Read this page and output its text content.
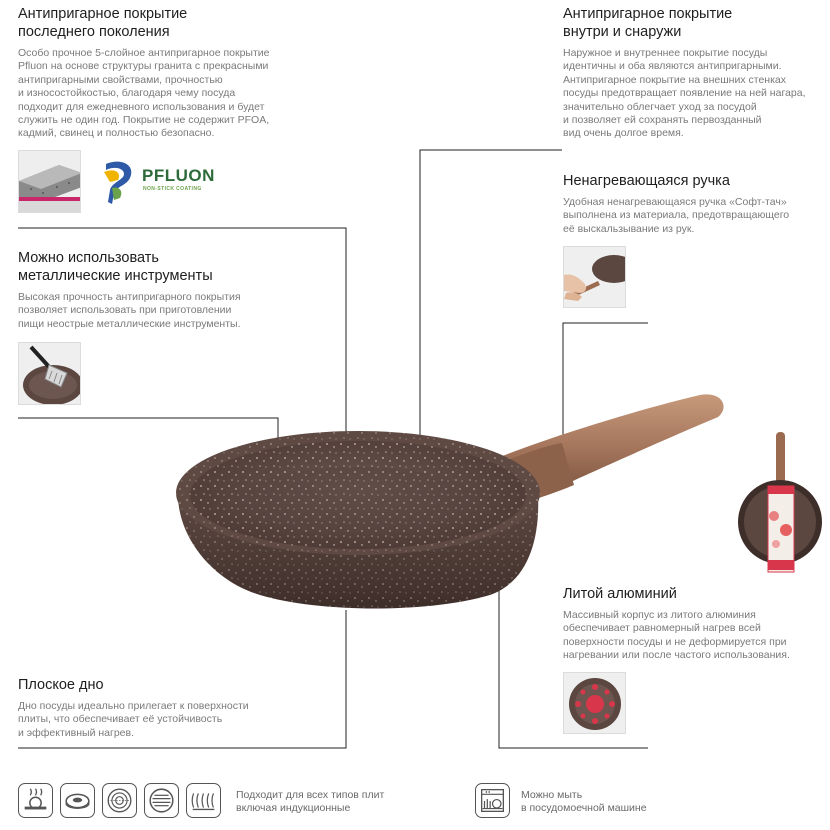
Антипригарное покрытие
последнего поколения
Особо прочное 5-слойное антипригарное покрытие
Pfluon на основе структуры гранита с прекрасными
антипригарными свойствами, прочностью
и износостойкостью, благодаря чему посуда
подходит для ежедневного использования и будет
служить не один год. Покрытие не содержит PFOA,
кадмий, свинец и полностью безопасно.
PFLUON
NON-STICK COATING
Антипригарное покрытие
внутри и снаружи
Наружное и внутреннее покрытие посуды
идентичны и оба являются антипригарными.
Антипригарное покрытие на внешних стенках
посуды предотвращает появление на ней нагара,
значительно облегчает уход за посудой
и позволяет ей сохранять первозданный
вид очень долгое время.
Ненагревающаяся ручка
Удобная ненагревающаяся ручка «Софт-тач»
выполнена из материала, предотвращающего
её выскальзывание из рук.
Можно использовать
металлические инструменты
Высокая прочность антипригарного покрытия
позволяет использовать при приготовлении
пищи неострые металлические инструменты.
Литой алюминий
Массивный корпус из литого алюминия
обеспечивает равномерный нагрев всей
поверхности посуды и не деформируется при
нагревании или после частого использования.
Плоское дно
Дно посуды идеально прилегает к поверхности
плиты, что обеспечивает её устойчивость
и эффективный нагрев.
Подходит для всех типов плит
включая индукционные
Можно мыть
в посудомоечной машине
